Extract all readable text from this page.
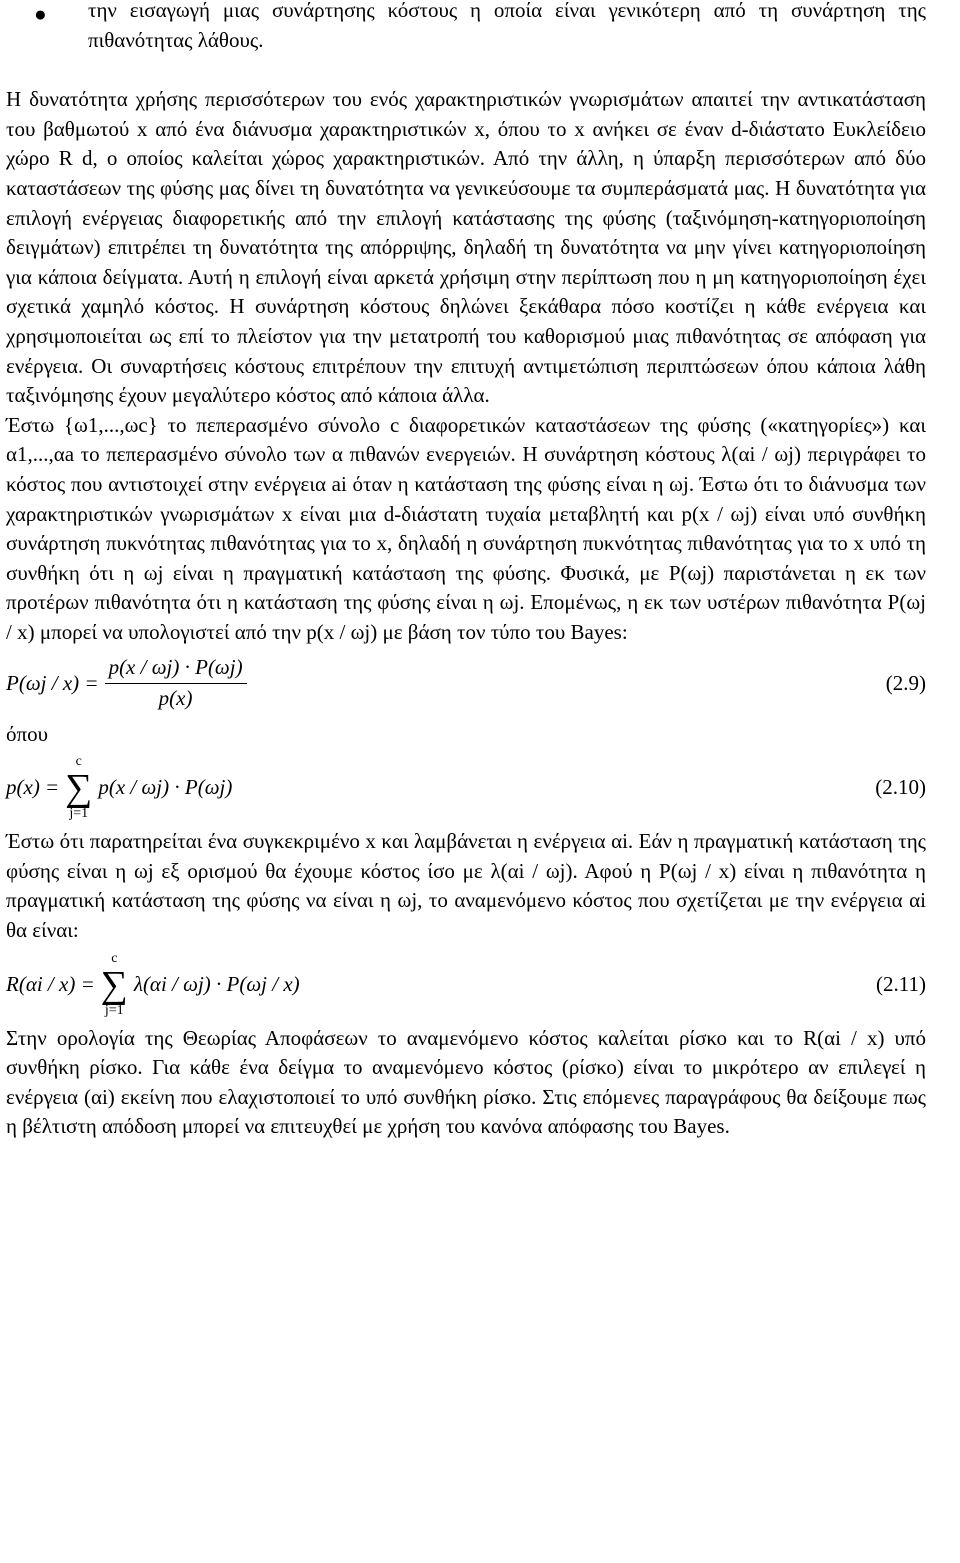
● την εισαγωγή μιας συνάρτησης κόστους η οποία είναι γενικότερη από τη συνάρτηση της πιθανότητας λάθους.

Η δυνατότητα χρήσης περισσότερων του ενός χαρακτηριστικών γνωρισμάτων απαιτεί την αντικατάσταση του βαθμωτού x από ένα διάνυσμα χαρακτηριστικών x, όπου το x ανήκει σε έναν d-διάστατο Ευκλείδειο χώρο R d, ο οποίος καλείται χώρος χαρακτηριστικών. Από την άλλη, η ύπαρξη περισσότερων από δύο καταστάσεων της φύσης μας δίνει τη δυνατότητα να γενικεύσουμε τα συμπεράσματά μας. Η δυνατότητα για επιλογή ενέργειας διαφορετικής από την επιλογή κατάστασης της φύσης (ταξινόμηση-κατηγοριοποίηση δειγμάτων) επιτρέπει τη δυνατότητα της απόρριψης, δηλαδή τη δυνατότητα να μην γίνει κατηγοριοποίηση για κάποια δείγματα. Αυτή η επιλογή είναι αρκετά χρήσιμη στην περίπτωση που η μη κατηγοριοποίηση έχει σχετικά χαμηλό κόστος. Η συνάρτηση κόστους δηλώνει ξεκάθαρα πόσο κοστίζει η κάθε ενέργεια και χρησιμοποιείται ως επί το πλείστον για την μετατροπή του καθορισμού μιας πιθανότητας σε απόφαση για ενέργεια. Οι συναρτήσεις κόστους επιτρέπουν την επιτυχή αντιμετώπιση περιπτώσεων όπου κάποια λάθη ταξινόμησης έχουν μεγαλύτερο κόστος από κάποια άλλα.

Έστω {ω1,...,ωc} το πεπερασμένο σύνολο c διαφορετικών καταστάσεων της φύσης («κατηγορίες») και α1,...,αa το πεπερασμένο σύνολο των α πιθανών ενεργειών. Η συνάρτηση κόστους λ(αi / ωj) περιγράφει το κόστος που αντιστοιχεί στην ενέργεια ai όταν η κατάσταση της φύσης είναι η ωj. Έστω ότι το διάνυσμα των χαρακτηριστικών γνωρισμάτων x είναι μια d-διάστατη τυχαία μεταβλητή και p(x / ωj) είναι υπό συνθήκη συνάρτηση πυκνότητας πιθανότητας για το x, δηλαδή η συνάρτηση πυκνότητας πιθανότητας για το x υπό τη συνθήκη ότι η ωj είναι η πραγματική κατάσταση της φύσης. Φυσικά, με P(ωj) παριστάνεται η εκ των προτέρων πιθανότητα ότι η κατάσταση της φύσης είναι η ωj. Επομένως, η εκ των υστέρων πιθανότητα P(ωj / x) μπορεί να υπολογιστεί από την p(x / ωj) με βάση τον τύπο του Bayes:

$P(\omega j / x) = \frac{p(x / \omega j) \cdot P(\omega j)}{p(x)}$	(2.9)

όπου

p(x) =
c
∑
j=1
p(x / ωj) · P(ωj)	(2.10)

Έστω ότι παρατηρείται ένα συγκεκριμένο x και λαμβάνεται η ενέργεια αi. Εάν η πραγματική κατάσταση της φύσης είναι η ωj εξ ορισμού θα έχουμε κόστος ίσο με λ(αi / ωj). Αφού η P(ωj / x) είναι η πιθανότητα η πραγματική κατάσταση της φύσης να είναι η ωj, το αναμενόμενο κόστος που σχετίζεται με την ενέργεια αi θα είναι:

R(αi / x) =
c
∑
j=1
λ(αi / ωj) · P(ωj / x)	(2.11)

Στην ορολογία της Θεωρίας Αποφάσεων το αναμενόμενο κόστος καλείται ρίσκο και το R(αi / x) υπό συνθήκη ρίσκο. Για κάθε ένα δείγμα το αναμενόμενο κόστος (ρίσκο) είναι το μικρότερο αν επιλεγεί η ενέργεια (αi) εκείνη που ελαχιστοποιεί το υπό συνθήκη ρίσκο. Στις επόμενες παραγράφους θα δείξουμε πως η βέλτιστη απόδοση μπορεί να επιτευχθεί με χρήση του κανόνα απόφασης του Bayes.
